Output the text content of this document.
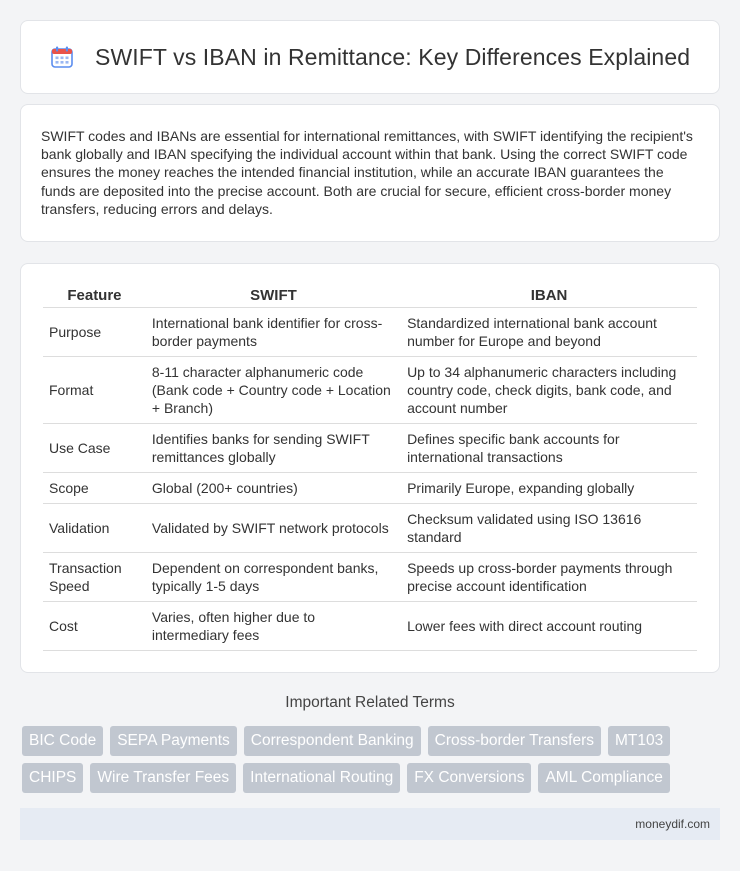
SWIFT vs IBAN in Remittance: Key Differences Explained

SWIFT codes and IBANs are essential for international remittances, with SWIFT identifying the recipient's bank globally and IBAN specifying the individual account within that bank. Using the correct SWIFT code ensures the money reaches the intended financial institution, while an accurate IBAN guarantees the funds are deposited into the precise account. Both are crucial for secure, efficient cross-border money transfers, reducing errors and delays.

Feature	SWIFT	IBAN
Purpose	International bank identifier for cross-border payments	Standardized international bank account number for Europe and beyond
Format	8-11 character alphanumeric code (Bank code + Country code + Location + Branch)	Up to 34 alphanumeric characters including country code, check digits, bank code, and account number
Use Case	Identifies banks for sending SWIFT remittances globally	Defines specific bank accounts for international transactions
Scope	Global (200+ countries)	Primarily Europe, expanding globally
Validation	Validated by SWIFT network protocols	Checksum validated using ISO 13616 standard
Transaction Speed	Dependent on correspondent banks, typically 1-5 days	Speeds up cross-border payments through precise account identification
Cost	Varies, often higher due to intermediary fees	Lower fees with direct account routing
Important Related Terms
BIC Code	SEPA Payments	Correspondent Banking	Cross-border Transfers	MT103
CHIPS	Wire Transfer Fees	International Routing	FX Conversions	AML Compliance
moneydif.com
